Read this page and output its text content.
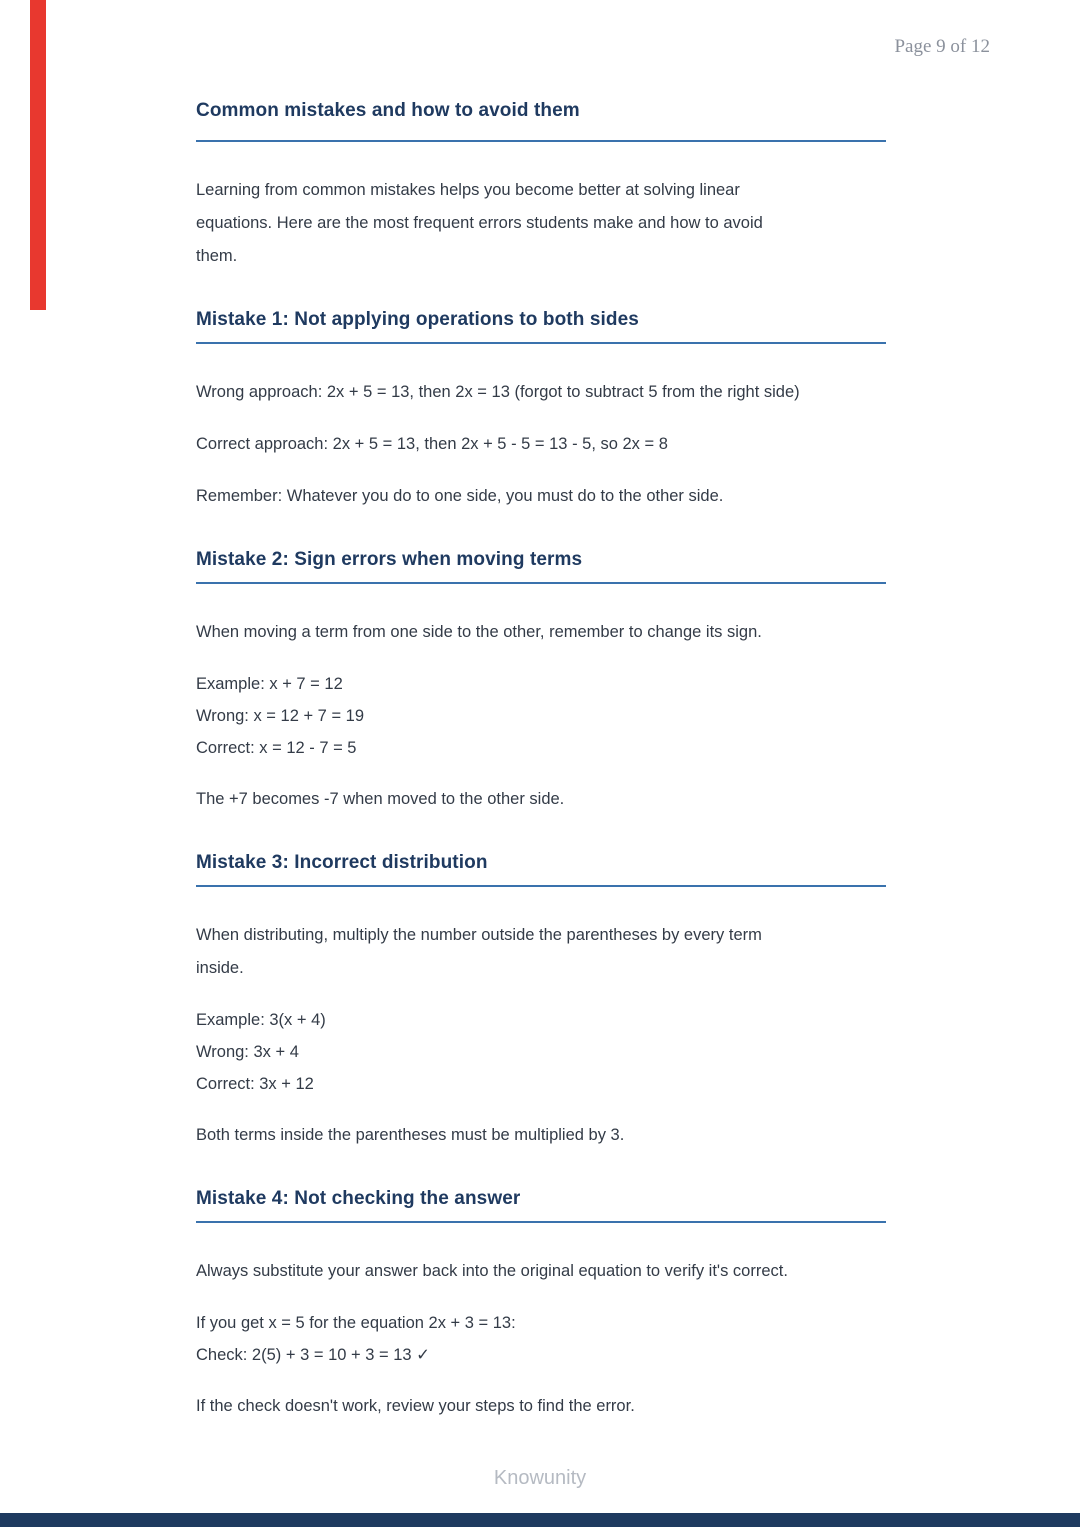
Page 9 of 12
Common mistakes and how to avoid them

Learning from common mistakes helps you become better at solving linear
equations. Here are the most frequent errors students make and how to avoid
them.

Mistake 1: Not applying operations to both sides

Wrong approach: 2x + 5 = 13, then 2x = 13 (forgot to subtract 5 from the right side)

Correct approach: 2x + 5 = 13, then 2x + 5 - 5 = 13 - 5, so 2x = 8

Remember: Whatever you do to one side, you must do to the other side.

Mistake 2: Sign errors when moving terms

When moving a term from one side to the other, remember to change its sign.

Example: x + 7 = 12
Wrong: x = 12 + 7 = 19
Correct: x = 12 - 7 = 5

The +7 becomes -7 when moved to the other side.

Mistake 3: Incorrect distribution

When distributing, multiply the number outside the parentheses by every term
inside.

Example: 3(x + 4)
Wrong: 3x + 4
Correct: 3x + 12

Both terms inside the parentheses must be multiplied by 3.

Mistake 4: Not checking the answer

Always substitute your answer back into the original equation to verify it's correct.

If you get x = 5 for the equation 2x + 3 = 13:
Check: 2(5) + 3 = 10 + 3 = 13 ✓

If the check doesn't work, review your steps to find the error.

Knowunity
